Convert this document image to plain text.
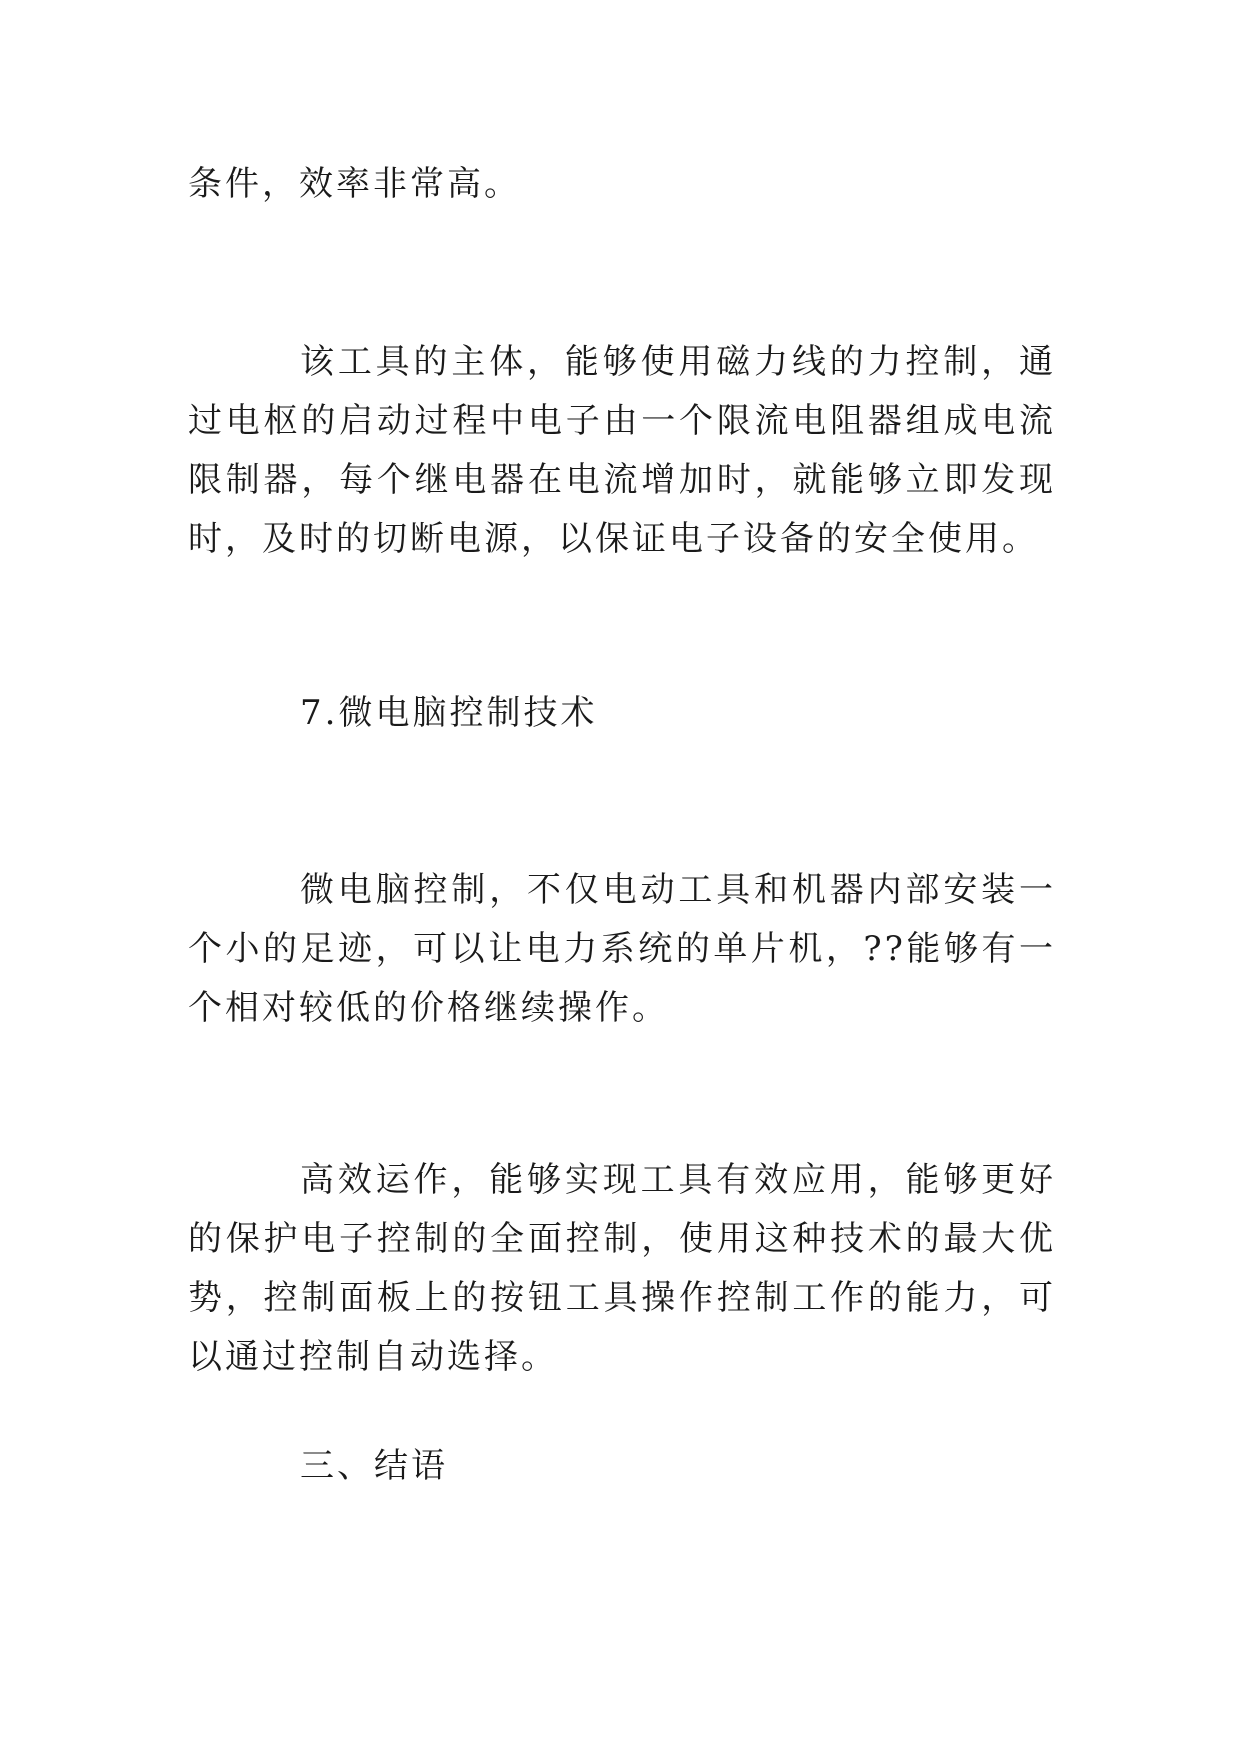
条件，效率非常高。

该工具的主体，能够使用磁力线的力控制，通过电枢的启动过程中电子由一个限流电阻器组成电流限制器，每个继电器在电流增加时，就能够立即发现时，及时的切断电源，以保证电子设备的安全使用。

7.微电脑控制技术

微电脑控制，不仅电动工具和机器内部安装一个小的足迹，可以让电力系统的单片机，??能够有一个相对较低的价格继续操作。

高效运作，能够实现工具有效应用，能够更好的保护电子控制的全面控制，使用这种技术的最大优势，控制面板上的按钮工具操作控制工作的能力，可以通过控制自动选择。

三、结语
